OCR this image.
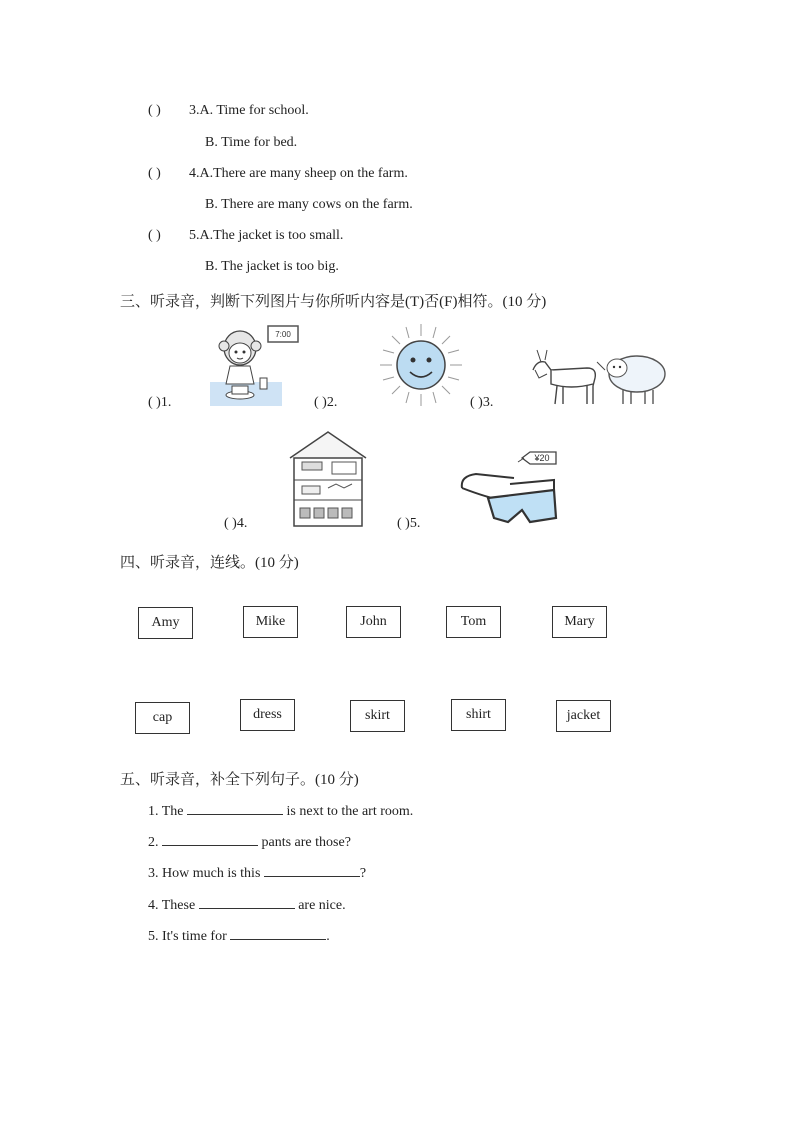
( ) 3.A. Time for school.
B. Time for bed.
( ) 4.A.There are many sheep on the farm.
B. There are many cows on the farm.
( ) 5.A.The jacket is too small.
B. The jacket is too big.
三、听录音，判断下列图片与你所听内容是(T)否(F)相符。(10 分)
( )1.
7:00
( )2.	( )3.
( )4.	( )5.
¥20
四、听录音，连线。(10 分)
Amy	Mike	John	Tom	Mary
cap	dress	skirt	shirt	jacket
五、听录音，补全下列句子。(10 分)
1. The	is next to the art room.
2.	pants are those?
3. How much is this	?
4. These	are nice.
5. It's time for	.
